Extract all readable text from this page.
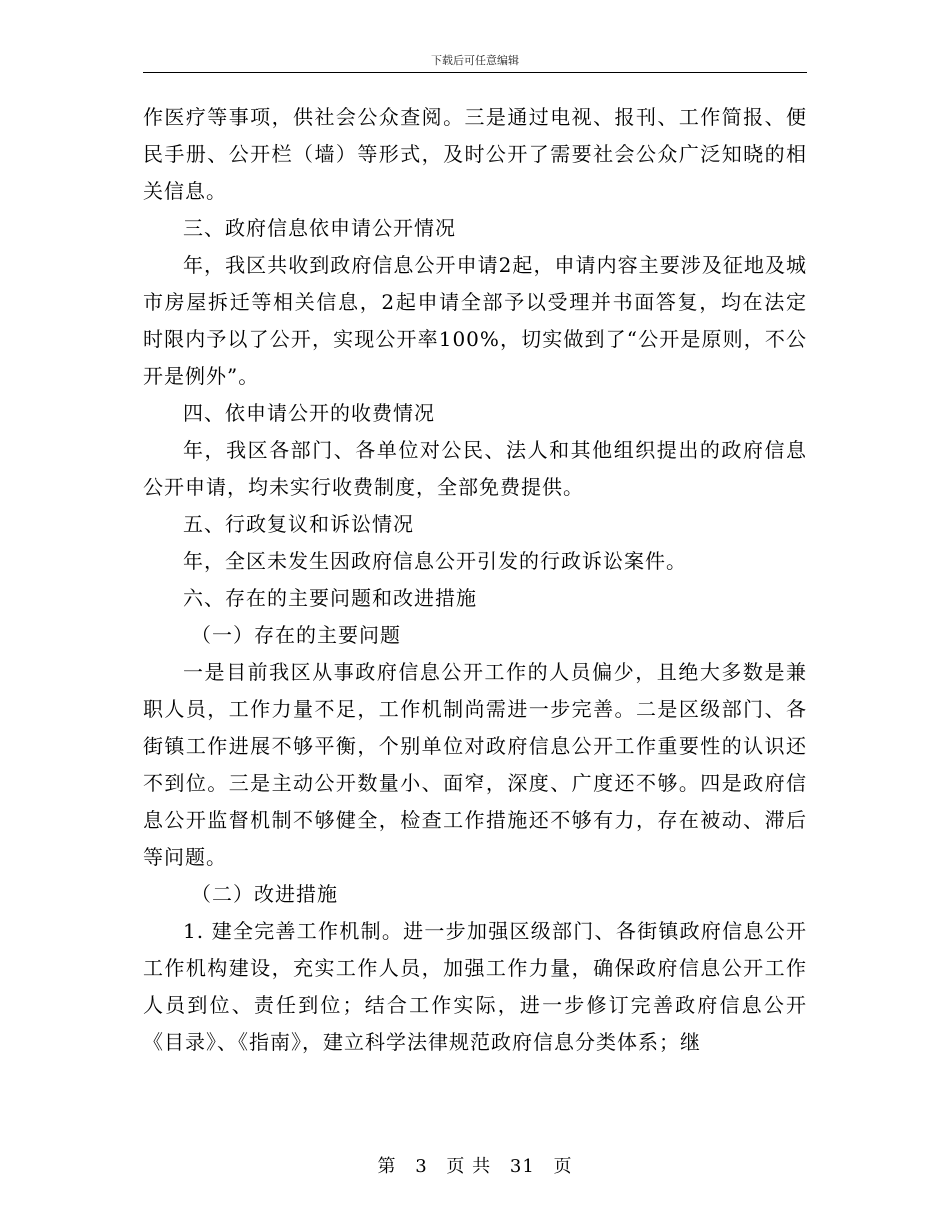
下载后可任意编辑

作医疗等事项，供社会公众查阅。三是通过电视、报刊、工作简报、便民手册、公开栏（墙）等形式，及时公开了需要社会公众广泛知晓的相关信息。

三、政府信息依申请公开情况

年，我区共收到政府信息公开申请2起，申请内容主要涉及征地及城市房屋拆迁等相关信息，2起申请全部予以受理并书面答复，均在法定时限内予以了公开，实现公开率100%，切实做到了“公开是原则，不公开是例外”。

四、依申请公开的收费情况

年，我区各部门、各单位对公民、法人和其他组织提出的政府信息公开申请，均未实行收费制度，全部免费提供。

五、行政复议和诉讼情况

年，全区未发生因政府信息公开引发的行政诉讼案件。

六、存在的主要问题和改进措施

（一）存在的主要问题

一是目前我区从事政府信息公开工作的人员偏少，且绝大多数是兼职人员，工作力量不足，工作机制尚需进一步完善。二是区级部门、各街镇工作进展不够平衡，个别单位对政府信息公开工作重要性的认识还不到位。三是主动公开数量小、面窄，深度、广度还不够。四是政府信息公开监督机制不够健全，检查工作措施还不够有力，存在被动、滞后等问题。

（二）改进措施

1. 建全完善工作机制。进一步加强区级部门、各街镇政府信息公开工作机构建设，充实工作人员，加强工作力量，确保政府信息公开工作人员到位、责任到位；结合工作实际，进一步修订完善政府信息公开《目录》、《指南》，建立科学法律规范政府信息分类体系；继

第 3 页 共 31 页
